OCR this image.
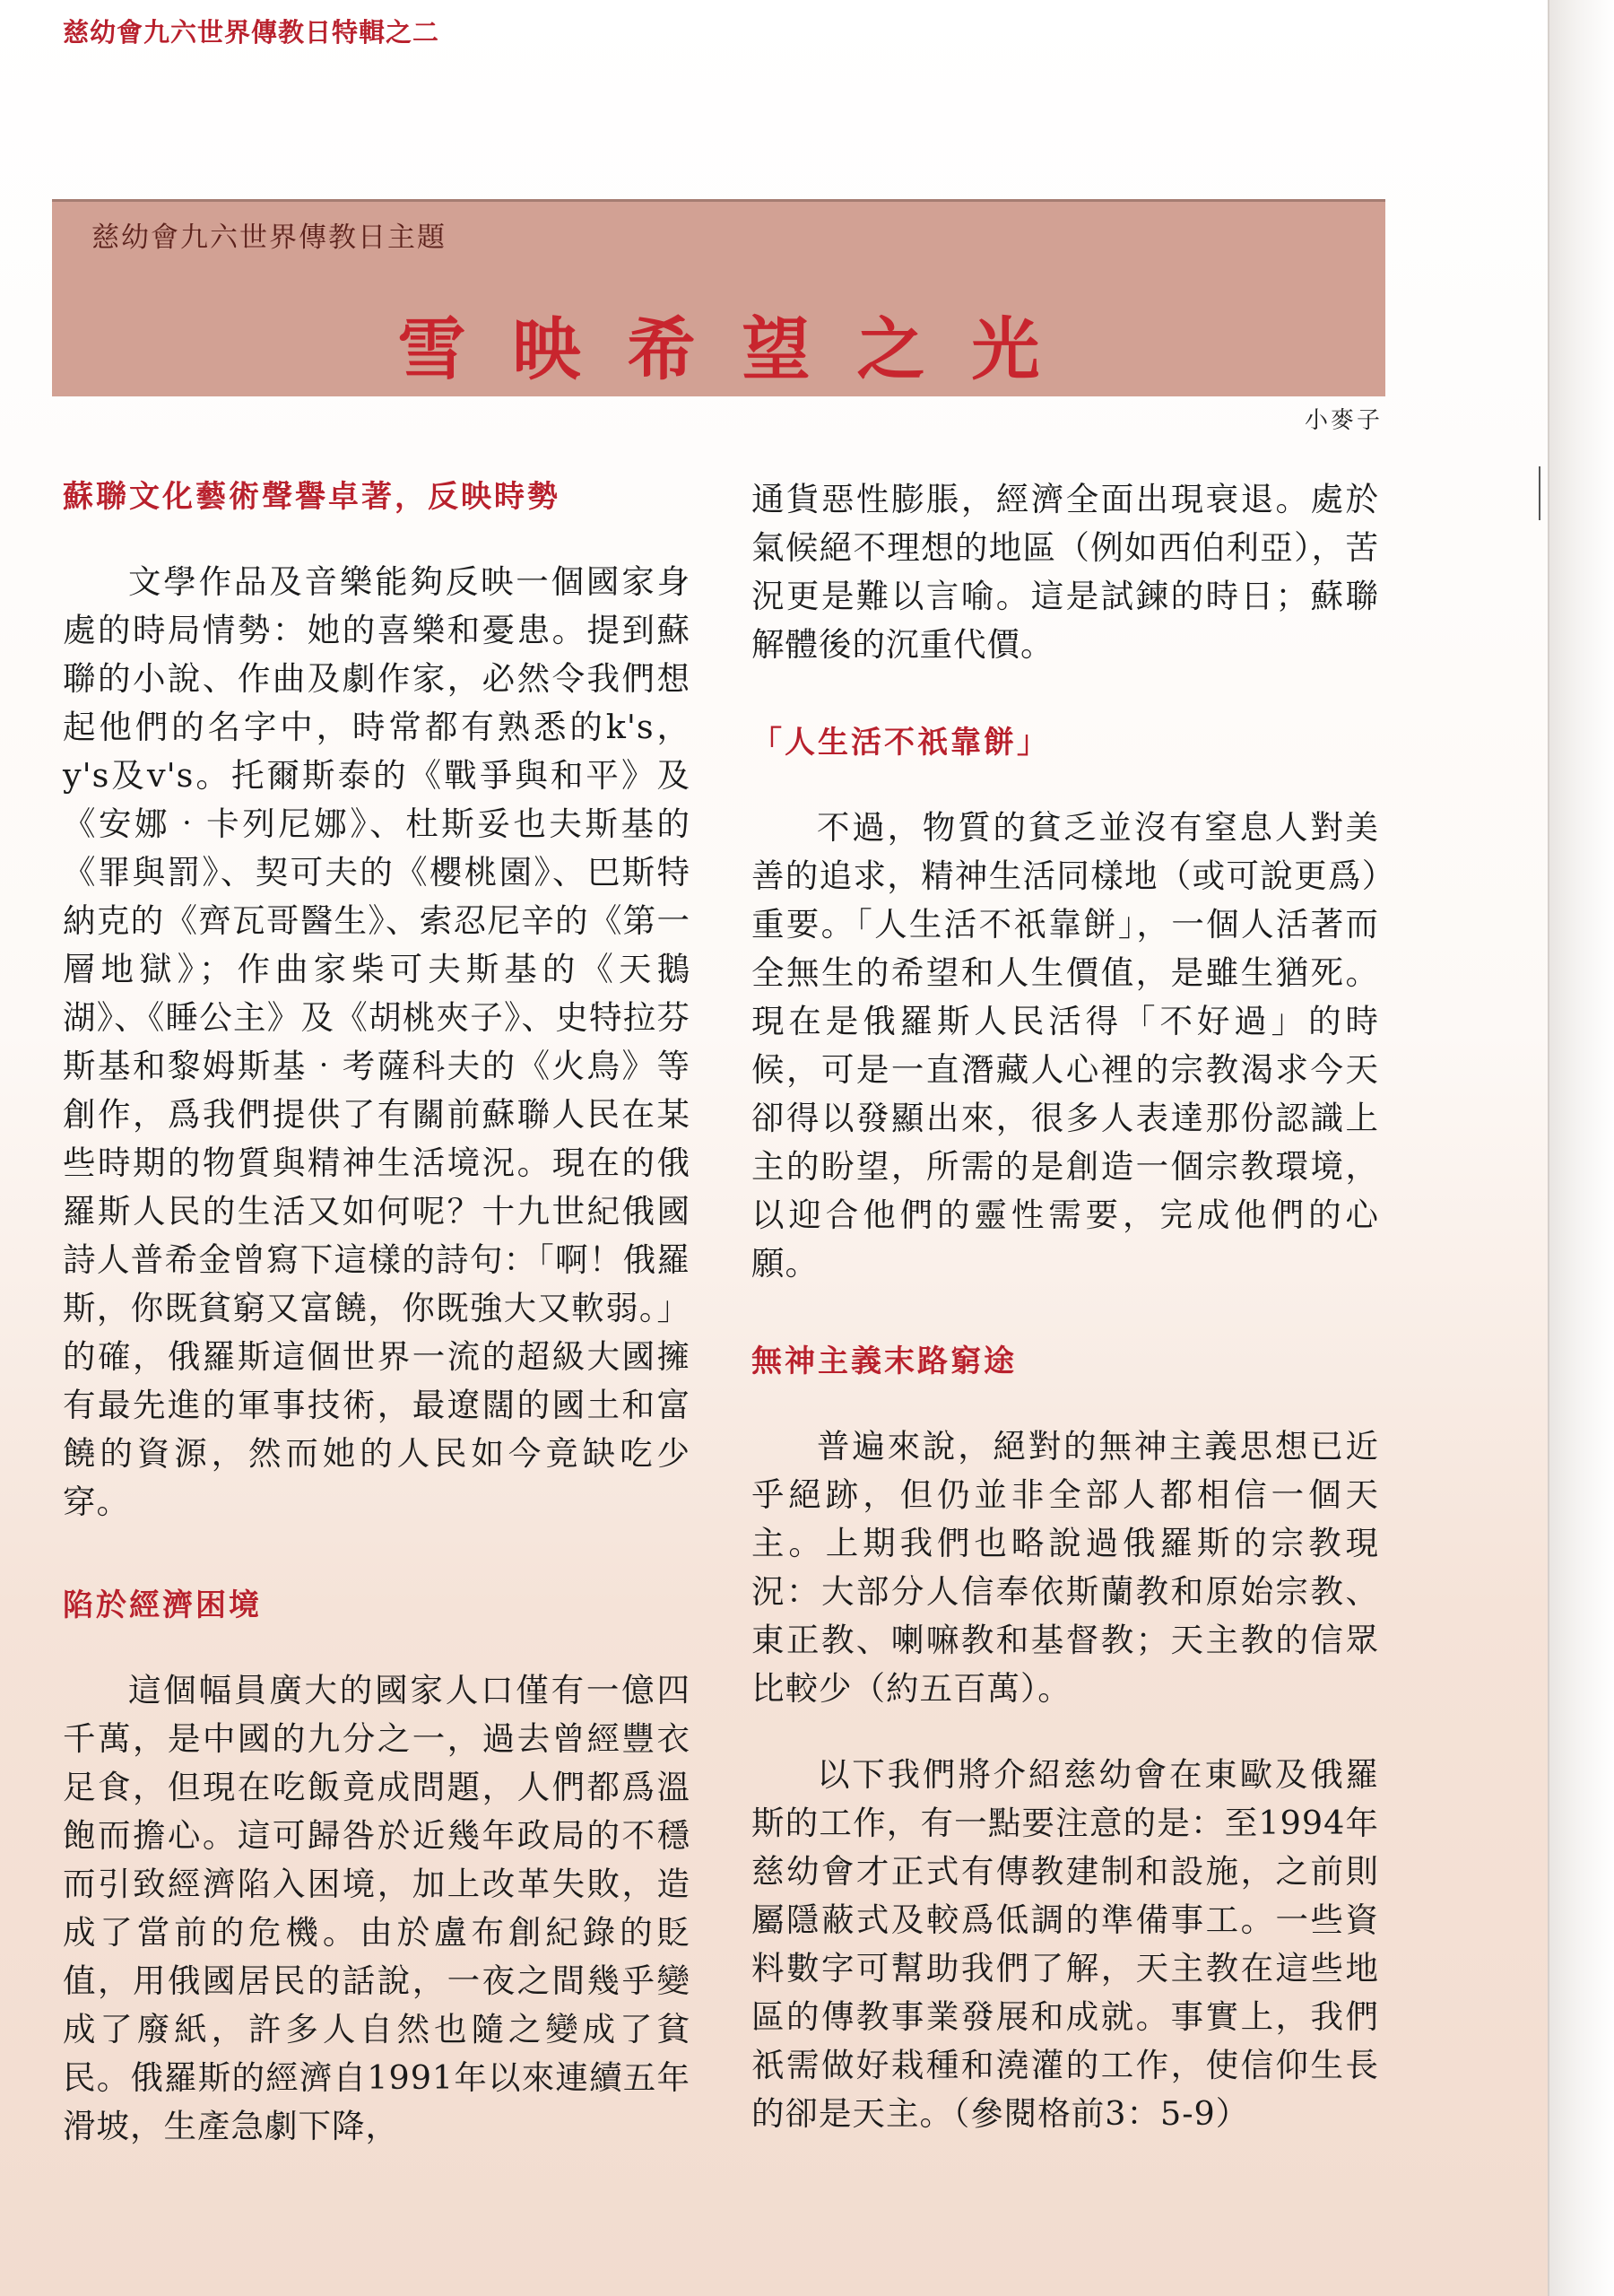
慈幼會九六世界傳教日特輯之二
慈幼會九六世界傳教日主題
雪映希望之光
小麥子
蘇聯文化藝術聲譽卓著，反映時勢

文學作品及音樂能夠反映一個國家身處的時局情勢：她的喜樂和憂患。提到蘇聯的小說、作曲及劇作家，必然令我們想起他們的名字中，時常都有熟悉的k's，y's及v's。托爾斯泰的《戰爭與和平》及《安娜‧卡列尼娜》、杜斯妥也夫斯基的《罪與罰》、契可夫的《櫻桃園》、巴斯特納克的《齊瓦哥醫生》、索忍尼辛的《第一層地獄》；作曲家柴可夫斯基的《天鵝湖》、《睡公主》及《胡桃夾子》、史特拉芬斯基和黎姆斯基‧考薩科夫的《火鳥》等創作，爲我們提供了有關前蘇聯人民在某些時期的物質與精神生活境況。現在的俄羅斯人民的生活又如何呢？十九世紀俄國詩人普希金曾寫下這樣的詩句：「啊！俄羅斯，你既貧窮又富饒，你既強大又軟弱。」的確，俄羅斯這個世界一流的超級大國擁有最先進的軍事技術，最遼闊的國土和富饒的資源，然而她的人民如今竟缺吃少穿。

陷於經濟困境

這個幅員廣大的國家人口僅有一億四千萬，是中國的九分之一，過去曾經豐衣足食，但現在吃飯竟成問題，人們都爲溫飽而擔心。這可歸咎於近幾年政局的不穩而引致經濟陷入困境，加上改革失敗，造成了當前的危機。由於盧布創紀錄的貶值，用俄國居民的話說，一夜之間幾乎變成了廢紙，許多人自然也隨之變成了貧民。俄羅斯的經濟自1991年以來連續五年滑坡，生產急劇下降，

通貨惡性膨脹，經濟全面出現衰退。處於氣候絕不理想的地區（例如西伯利亞），苦況更是難以言喻。這是試鍊的時日；蘇聯解體後的沉重代價。

「人生活不祇靠餅」

不過，物質的貧乏並沒有窒息人對美善的追求，精神生活同樣地（或可說更爲）重要。「人生活不祇靠餅」，一個人活著而全無生的希望和人生價值，是雖生猶死。現在是俄羅斯人民活得「不好過」的時候，可是一直潛藏人心裡的宗教渴求今天卻得以發顯出來，很多人表達那份認識上主的盼望，所需的是創造一個宗教環境，以迎合他們的靈性需要，完成他們的心願。

無神主義末路窮途

普遍來說，絕對的無神主義思想已近乎絕跡，但仍並非全部人都相信一個天主。上期我們也略說過俄羅斯的宗教現況：大部分人信奉依斯蘭教和原始宗教、東正教、喇嘛教和基督教；天主教的信眾比較少（約五百萬）。

以下我們將介紹慈幼會在東歐及俄羅斯的工作，有一點要注意的是：至1994年慈幼會才正式有傳教建制和設施，之前則屬隱蔽式及較爲低調的準備事工。一些資料數字可幫助我們了解，天主教在這些地區的傳教事業發展和成就。事實上，我們祇需做好栽種和澆灌的工作，使信仰生長的卻是天主。（參閱格前3：5-9）
